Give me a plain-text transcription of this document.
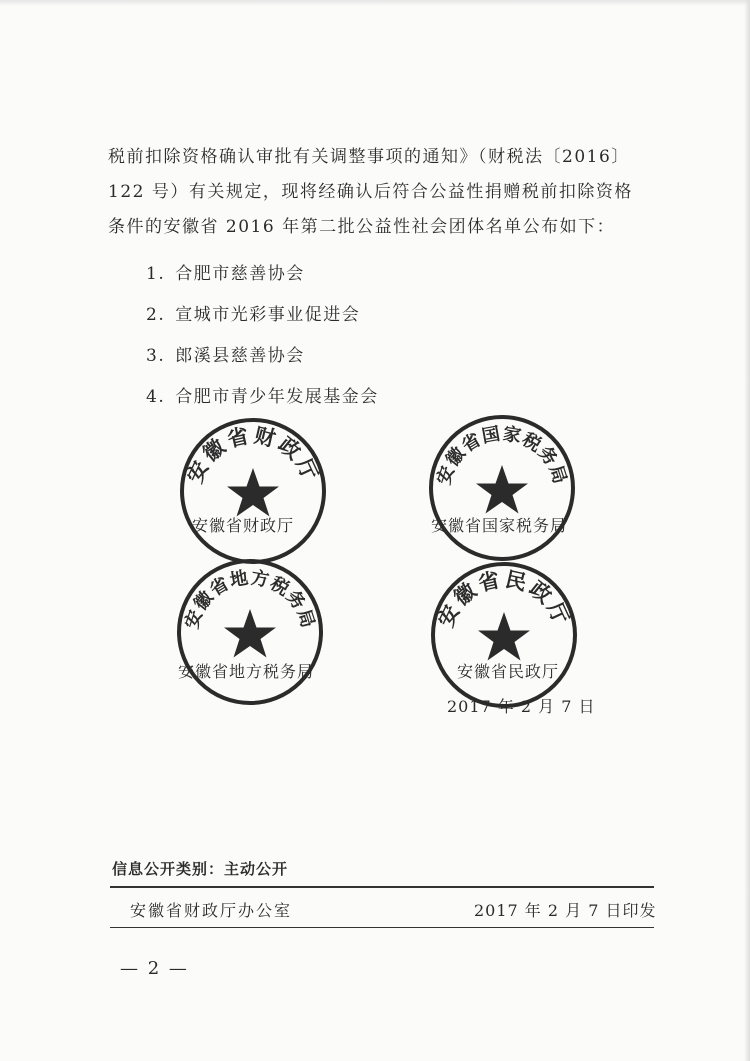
税前扣除资格确认审批有关调整事项的通知》（财税法〔2016〕

122 号）有关规定，现将经确认后符合公益性捐赠税前扣除资格

条件的安徽省 2016 年第二批公益性社会团体名单公布如下：

1. 合肥市慈善协会
2. 宣城市光彩事业促进会
3. 郎溪县慈善协会
4. 合肥市青少年发展基金会
安徽省财政厅	安徽省国家税务局
安徽省财政厅	安徽省国家税务局
安徽省地方税务局	安徽省民政厅
安徽省地方税务局	安徽省民政厅
2017 年 2 月 7 日
信息公开类别：主动公开
安徽省财政厅办公室	2017 年 2 月 7 日印发
— 2 —
